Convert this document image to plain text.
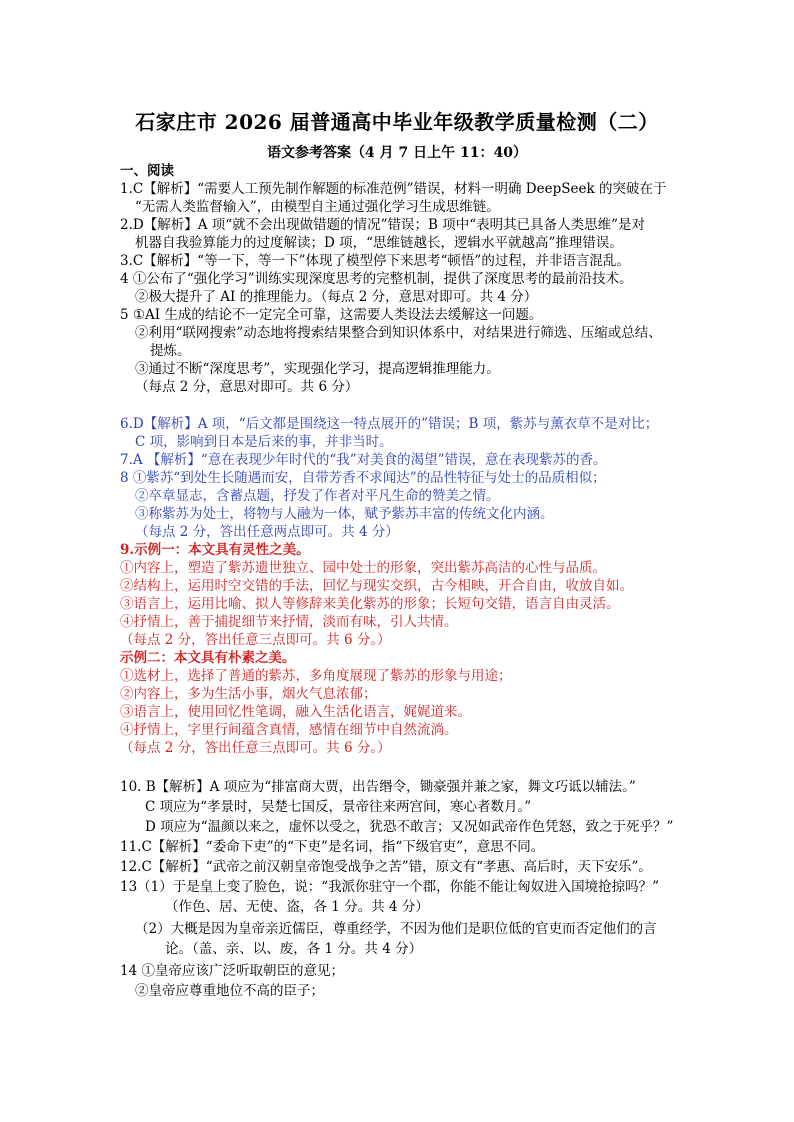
石家庄市 2026 届普通高中毕业年级教学质量检测（二）
语文参考答案（4 月 7 日上午 11：40）
一、阅读
1.C【解析】“需要人工预先制作解题的标准范例”错误，材料一明确 DeepSeek 的突破在于
“无需人类监督输入”，由模型自主通过强化学习生成思维链。
2.D【解析】A 项“就不会出现做错题的情况”错误；B 项中“表明其已具备人类思维”是对
机器自我验算能力的过度解读；D 项，“思维链越长，逻辑水平就越高”推理错误。
3.C【解析】“等一下，等一下”体现了模型停下来思考“顿悟”的过程，并非语言混乱。
4 ①公布了“强化学习”训练实现深度思考的完整机制，提供了深度思考的最前沿技术。
②极大提升了 AI 的推理能力。（每点 2 分，意思对即可。共 4 分）
5 ①AI 生成的结论不一定完全可靠，这需要人类设法去缓解这一问题。
②利用“联网搜索”动态地将搜索结果整合到知识体系中，对结果进行筛选、压缩或总结、
提炼。
③通过不断“深度思考”，实现强化学习，提高逻辑推理能力。
（每点 2 分，意思对即可。共 6 分）
6.D【解析】A 项，“后文都是围绕这一特点展开的”错误；B 项，紫苏与薰衣草不是对比；
C 项，影响到日本是后来的事，并非当时。
7.A 【解析】“意在表现少年时代的“我”对美食的渴望”错误，意在表现紫苏的香。
8 ①紫苏“到处生长随遇而安，自带芳香不求闻达”的品性特征与处士的品质相似；
②卒章显志，含蓄点题，抒发了作者对平凡生命的赞美之情。
③称紫苏为处士，将物与人融为一体，赋予紫苏丰富的传统文化内涵。
（每点 2 分，答出任意两点即可。共 4 分）
9.示例一：本文具有灵性之美。
①内容上，塑造了紫苏遗世独立、园中处士的形象，突出紫苏高洁的心性与品质。
②结构上，运用时空交错的手法，回忆与现实交织，古今相映，开合自由，收放自如。
③语言上，运用比喻、拟人等修辞来美化紫苏的形象；长短句交错，语言自由灵活。
④抒情上，善于捕捉细节来抒情，淡而有味，引人共情。
（每点 2 分，答出任意三点即可。共 6 分。）
示例二：本文具有朴素之美。
①选材上，选择了普通的紫苏，多角度展现了紫苏的形象与用途；
②内容上，多为生活小事，烟火气息浓郁；
③语言上，使用回忆性笔调，融入生活化语言，娓娓道来。
④抒情上，字里行间蕴含真情，感情在细节中自然流淌。
（每点 2 分，答出任意三点即可。共 6 分。）
10. B【解析】A 项应为“排富商大贾，出告缗令，锄豪强并兼之家，舞文巧诋以辅法。”
C 项应为“孝景时，吴楚七国反，景帝往来两宫间，寒心者数月。”
D 项应为“温颜以来之，虚怀以受之，犹恐不敢言；又况如武帝作色凭怒，致之于死乎？”
11.C【解析】“委命下吏”的“下吏”是名词，指“下级官吏”，意思不同。
12.C【解析】“武帝之前汉朝皇帝饱受战争之苦”错，原文有“孝惠、高后时，天下安乐”。
13（1）于是皇上变了脸色，说：“我派你驻守一个郡，你能不能让匈奴进入国境抢掠吗？”
（作色、居、无使、盗，各 1 分。共 4 分）
（2）大概是因为皇帝亲近儒臣，尊重经学，不因为他们是职位低的官吏而否定他们的言
论。（盖、亲、以、废，各 1 分。共 4 分）
14 ①皇帝应该广泛听取朝臣的意见；
②皇帝应尊重地位不高的臣子；
